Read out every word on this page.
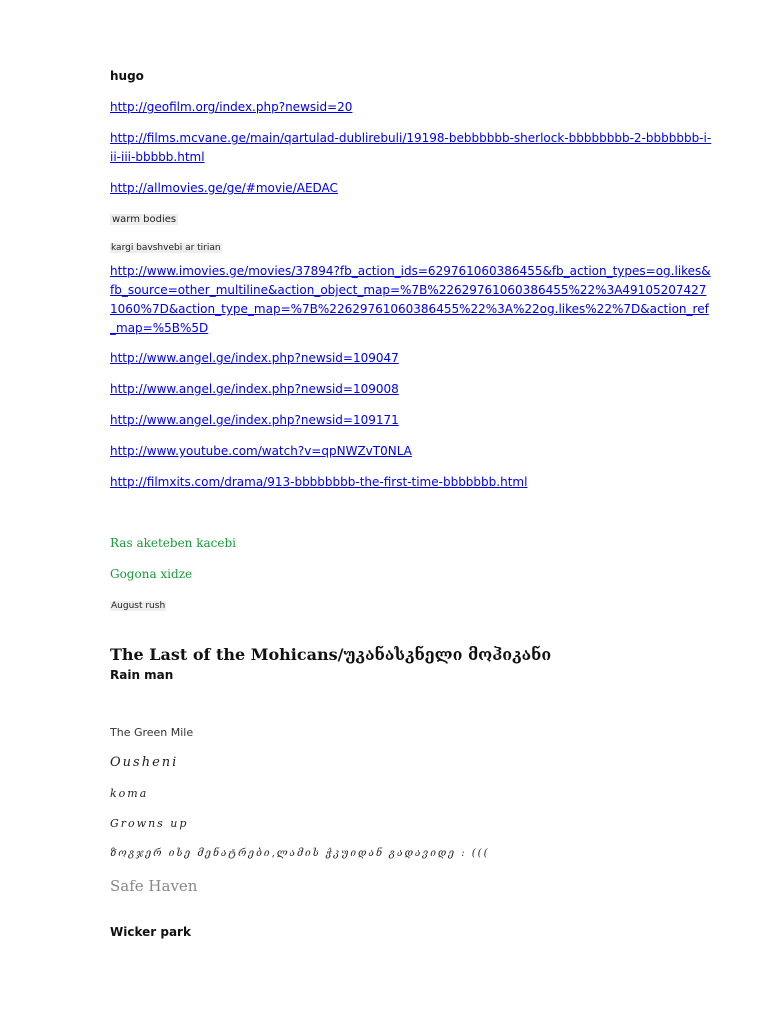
hugo
http://geofilm.org/index.php?newsid=20
http://films.mcvane.ge/main/qartulad-dublirebuli/19198-bebbbbbb-sherlock-bbbbbbbb-2-bbbbbbb-i-ii-iii-bbbbb.html
http://allmovies.ge/ge/#movie/AEDAC
warm bodies
kargi bavshvebi ar tirian
http://www.imovies.ge/movies/37894?fb_action_ids=629761060386455&fb_action_types=og.likes&fb_source=other_multiline&action_object_map=%7B%22629761060386455%22%3A491052074271060%7D&action_type_map=%7B%22629761060386455%22%3A%22og.likes%22%7D&action_ref_map=%5B%5D
http://www.angel.ge/index.php?newsid=109047
http://www.angel.ge/index.php?newsid=109008
http://www.angel.ge/index.php?newsid=109171
http://www.youtube.com/watch?v=qpNWZvT0NLA
http://filmxits.com/drama/913-bbbbbbbb-the-first-time-bbbbbbb.html
Ras aketeben kacebi
Gogona xidze
August rush
The Last of the Mohicans/უკანასკნელი მოჰიკანი
Rain man
The Green Mile
Ousheni
koma
Growns up
ზოგჯერ ისე მენატრები,ლამის ჭკუიდან გადავიდე : (((
Safe Haven
Wicker park
